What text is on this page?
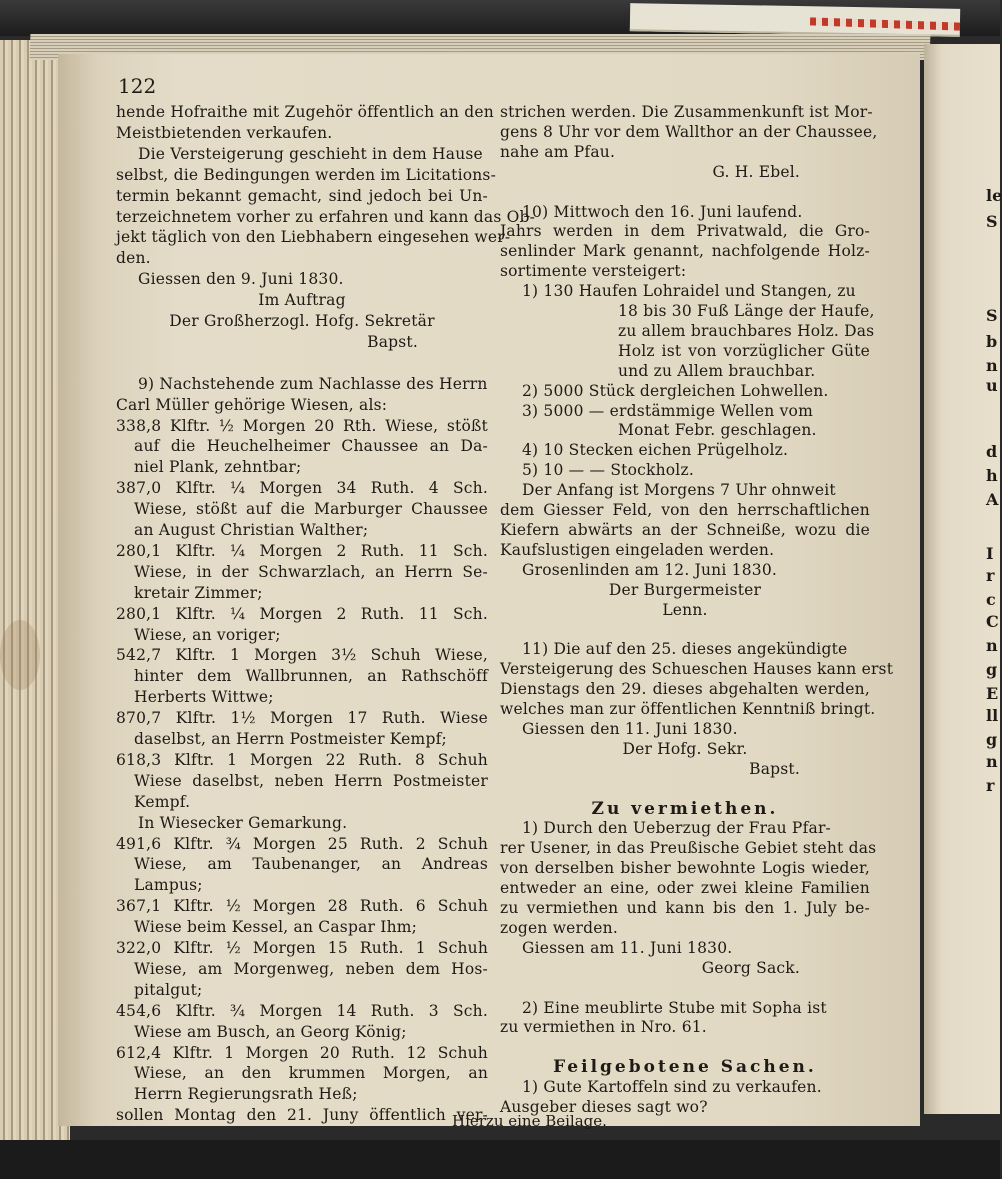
122
hende Hofraithe mit Zugehör öffentlich an den
Meistbietenden verkaufen.
Die Versteigerung geschieht in dem Hause
selbst, die Bedingungen werden im Licitations-
termin bekannt gemacht, sind jedoch bei Un-
terzeichnetem vorher zu erfahren und kann das Ob-
jekt täglich von den Liebhabern eingesehen wer-
den.
Giessen den 9. Juni 1830.
Im Auftrag
Der Großherzogl. Hofg. Sekretär
Bapst.
9) Nachstehende zum Nachlasse des Herrn
Carl Müller gehörige Wiesen, als:
338,8 Klftr. ½ Morgen 20 Rth. Wiese, stößt
auf die Heuchelheimer Chaussee an Da-
niel Plank, zehntbar;
387,0 Klftr. ¼ Morgen 34 Ruth. 4 Sch.
Wiese, stößt auf die Marburger Chaussee
an August Christian Walther;
280,1 Klftr. ¼ Morgen 2 Ruth. 11 Sch.
Wiese, in der Schwarzlach, an Herrn Se-
kretair Zimmer;
280,1 Klftr. ¼ Morgen 2 Ruth. 11 Sch.
Wiese, an voriger;
542,7 Klftr. 1 Morgen 3½ Schuh Wiese,
hinter dem Wallbrunnen, an Rathschöff
Herberts Wittwe;
870,7 Klftr. 1½ Morgen 17 Ruth. Wiese
daselbst, an Herrn Postmeister Kempf;
618,3 Klftr. 1 Morgen 22 Ruth. 8 Schuh
Wiese daselbst, neben Herrn Postmeister
Kempf.
In Wiesecker Gemarkung.
491,6 Klftr. ¾ Morgen 25 Ruth. 2 Schuh
Wiese, am Taubenanger, an Andreas
Lampus;
367,1 Klftr. ½ Morgen 28 Ruth. 6 Schuh
Wiese beim Kessel, an Caspar Ihm;
322,0 Klftr. ½ Morgen 15 Ruth. 1 Schuh
Wiese, am Morgenweg, neben dem Hos-
pitalgut;
454,6 Klftr. ¾ Morgen 14 Ruth. 3 Sch.
Wiese am Busch, an Georg König;
612,4 Klftr. 1 Morgen 20 Ruth. 12 Schuh
Wiese, an den krummen Morgen, an
Herrn Regierungsrath Heß;
sollen Montag den 21. Juny öffentlich ver-
strichen werden. Die Zusammenkunft ist Mor-
gens 8 Uhr vor dem Wallthor an der Chaussee,
nahe am Pfau.
G. H. Ebel.
10) Mittwoch den 16. Juni laufend.
Jahrs werden in dem Privatwald, die Gro-
senlinder Mark genannt, nachfolgende Holz-
sortimente versteigert:
1) 130 Haufen Lohraidel und Stangen, zu
18 bis 30 Fuß Länge der Haufe,
zu allem brauchbares Holz. Das
Holz ist von vorzüglicher Güte
und zu Allem brauchbar.
2) 5000 Stück dergleichen Lohwellen.
3) 5000 — erdstämmige Wellen vom
Monat Febr. geschlagen.
4) 10 Stecken eichen Prügelholz.
5) 10 — — Stockholz.
Der Anfang ist Morgens 7 Uhr ohnweit
dem Giesser Feld, von den herrschaftlichen
Kiefern abwärts an der Schneiße, wozu die
Kaufslustigen eingeladen werden.
Grosenlinden am 12. Juni 1830.
Der Burgermeister
Lenn.
11) Die auf den 25. dieses angekündigte
Versteigerung des Schueschen Hauses kann erst
Dienstags den 29. dieses abgehalten werden,
welches man zur öffentlichen Kenntniß bringt.
Giessen den 11. Juni 1830.
Der Hofg. Sekr.
Bapst.
Zu vermiethen.
1) Durch den Ueberzug der Frau Pfar-
rer Usener, in das Preußische Gebiet steht das
von derselben bisher bewohnte Logis wieder,
entweder an eine, oder zwei kleine Familien
zu vermiethen und kann bis den 1. July be-
zogen werden.
Giessen am 11. Juni 1830.
Georg Sack.
2) Eine meublirte Stube mit Sopha ist
zu vermiethen in Nro. 61.
Feilgebotene Sachen.
1) Gute Kartoffeln sind zu verkaufen.
Ausgeber dieses sagt wo?
Hierzu eine Beilage.
le
S
S
b
n
u
d
h
A
I
r
c
C
n
g
E
ll
g
n
r
